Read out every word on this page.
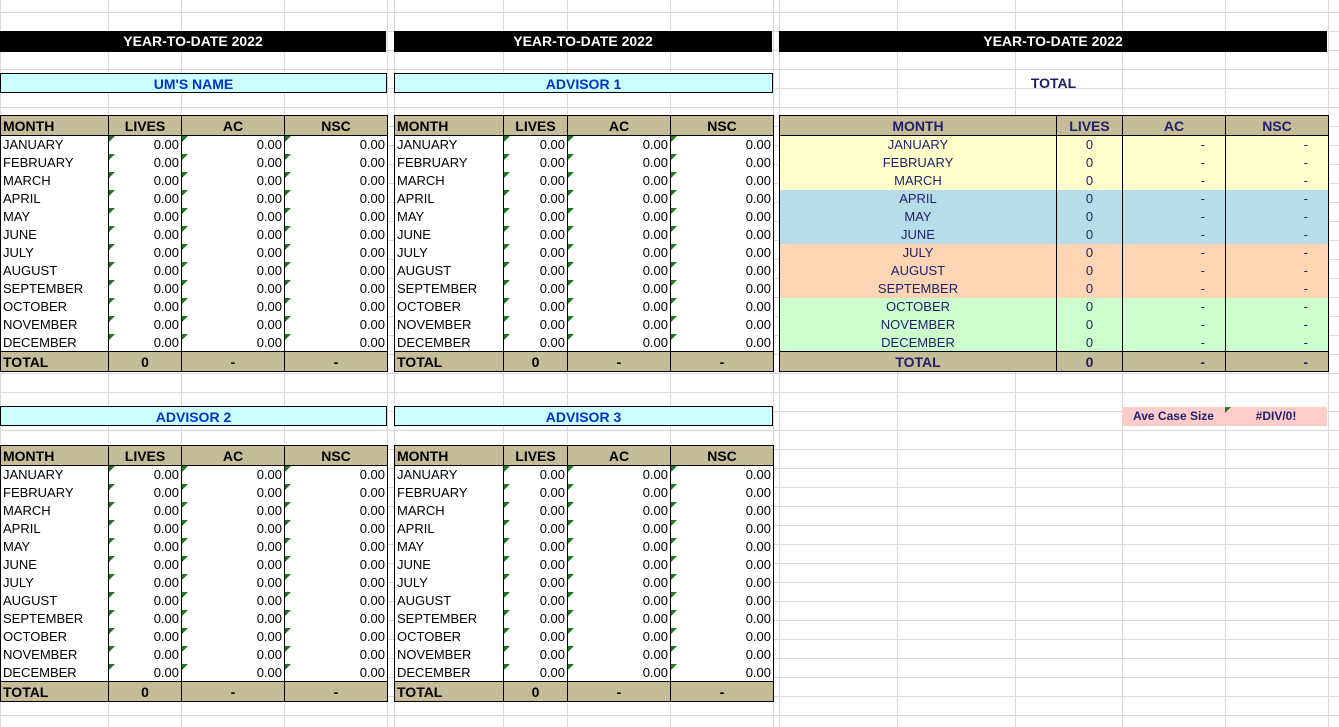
YEAR-TO-DATE 2022	YEAR-TO-DATE 2022	YEAR-TO-DATE 2022
UM'S NAME	ADVISOR 1	TOTAL
ADVISOR 2	ADVISOR 3
MONTH	LIVES	AC	NSC
JANUARY	0.00	0.00	0.00
FEBRUARY	0.00	0.00	0.00
MARCH	0.00	0.00	0.00
APRIL	0.00	0.00	0.00
MAY	0.00	0.00	0.00
JUNE	0.00	0.00	0.00
JULY	0.00	0.00	0.00
AUGUST	0.00	0.00	0.00
SEPTEMBER	0.00	0.00	0.00
OCTOBER	0.00	0.00	0.00
NOVEMBER	0.00	0.00	0.00
DECEMBER	0.00	0.00	0.00
TOTAL	0	-	-
MONTH	LIVES	AC	NSC
JANUARY	0.00	0.00	0.00
FEBRUARY	0.00	0.00	0.00
MARCH	0.00	0.00	0.00
APRIL	0.00	0.00	0.00
MAY	0.00	0.00	0.00
JUNE	0.00	0.00	0.00
JULY	0.00	0.00	0.00
AUGUST	0.00	0.00	0.00
SEPTEMBER	0.00	0.00	0.00
OCTOBER	0.00	0.00	0.00
NOVEMBER	0.00	0.00	0.00
DECEMBER	0.00	0.00	0.00
TOTAL	0	-	-
MONTH	LIVES	AC	NSC
JANUARY	0.00	0.00	0.00
FEBRUARY	0.00	0.00	0.00
MARCH	0.00	0.00	0.00
APRIL	0.00	0.00	0.00
MAY	0.00	0.00	0.00
JUNE	0.00	0.00	0.00
JULY	0.00	0.00	0.00
AUGUST	0.00	0.00	0.00
SEPTEMBER	0.00	0.00	0.00
OCTOBER	0.00	0.00	0.00
NOVEMBER	0.00	0.00	0.00
DECEMBER	0.00	0.00	0.00
TOTAL	0	-	-
MONTH	LIVES	AC	NSC
JANUARY	0.00	0.00	0.00
FEBRUARY	0.00	0.00	0.00
MARCH	0.00	0.00	0.00
APRIL	0.00	0.00	0.00
MAY	0.00	0.00	0.00
JUNE	0.00	0.00	0.00
JULY	0.00	0.00	0.00
AUGUST	0.00	0.00	0.00
SEPTEMBER	0.00	0.00	0.00
OCTOBER	0.00	0.00	0.00
NOVEMBER	0.00	0.00	0.00
DECEMBER	0.00	0.00	0.00
TOTAL	0	-	-
MONTH	LIVES	AC	NSC
JANUARY	0	-	-
FEBRUARY	0	-	-
MARCH	0	-	-
APRIL	0	-	-
MAY	0	-	-
JUNE	0	-	-
JULY	0	-	-
AUGUST	0	-	-
SEPTEMBER	0	-	-
OCTOBER	0	-	-
NOVEMBER	0	-	-
DECEMBER	0	-	-
TOTAL	0	-	-
Ave Case Size	#DIV/0!
